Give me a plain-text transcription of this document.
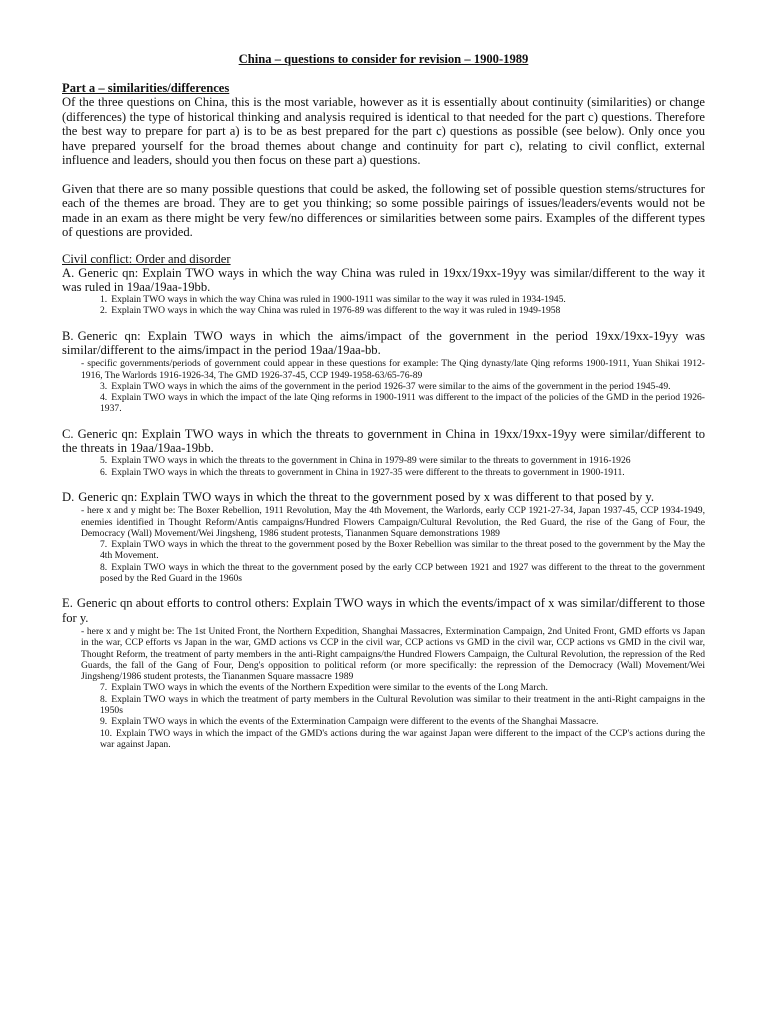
China – questions to consider for revision – 1900-1989
Part a – similarities/differences
Of the three questions on China, this is the most variable, however as it is essentially about continuity (similarities) or change (differences) the type of historical thinking and analysis required is identical to that needed for the part c) questions. Therefore the best way to prepare for part a) is to be as best prepared for the part c) questions as possible (see below). Only once you have prepared yourself for the broad themes about change and continuity for part c), relating to civil conflict, external influence and leaders, should you then focus on these part a) questions.
Given that there are so many possible questions that could be asked, the following set of possible question stems/structures for each of the themes are broad. They are to get you thinking; so some possible pairings of issues/leaders/events would not be made in an exam as there might be very few/no differences or similarities between some pairs. Examples of the different types of questions are provided.
Civil conflict: Order and disorder
A. Generic qn: Explain TWO ways in which the way China was ruled in 19xx/19xx-19yy was similar/different to the way it was ruled in 19aa/19aa-19bb.
1. Explain TWO ways in which the way China was ruled in 1900-1911 was similar to the way it was ruled in 1934-1945.
2. Explain TWO ways in which the way China was ruled in 1976-89 was different to the way it was ruled in 1949-1958
B. Generic qn: Explain TWO ways in which the aims/impact of the government in the period 19xx/19xx-19yy was similar/different to the aims/impact in the period 19aa/19aa-bb.
- specific governments/periods of government could appear in these questions for example: The Qing dynasty/late Qing reforms 1900-1911, Yuan Shikai 1912-1916, The Warlords 1916-1926-34, The GMD 1926-37-45, CCP 1949-1958-63/65-76-89
3. Explain TWO ways in which the aims of the government in the period 1926-37 were similar to the aims of the government in the period 1945-49.
4. Explain TWO ways in which the impact of the late Qing reforms in 1900-1911 was different to the impact of the policies of the GMD in the period 1926-1937.
C. Generic qn: Explain TWO ways in which the threats to government in China in 19xx/19xx-19yy were similar/different to the threats in 19aa/19aa-19bb.
5. Explain TWO ways in which the threats to the government in China in 1979-89 were similar to the threats to government in 1916-1926
6. Explain TWO ways in which the threats to government in China in 1927-35 were different to the threats to government in 1900-1911.
D. Generic qn: Explain TWO ways in which the threat to the government posed by x was different to that posed by y.
- here x and y might be: The Boxer Rebellion, 1911 Revolution, May the 4th Movement, the Warlords, early CCP 1921-27-34, Japan 1937-45, CCP 1934-1949, enemies identified in Thought Reform/Antis campaigns/Hundred Flowers Campaign/Cultural Revolution, the Red Guard, the rise of the Gang of Four, the Democracy (Wall) Movement/Wei Jingsheng, 1986 student protests, Tiananmen Square demonstrations 1989
7. Explain TWO ways in which the threat to the government posed by the Boxer Rebellion was similar to the threat posed to the government by the May the 4th Movement.
8. Explain TWO ways in which the threat to the government posed by the early CCP between 1921 and 1927 was different to the threat to the government posed by the Red Guard in the 1960s
E. Generic qn about efforts to control others: Explain TWO ways in which the events/impact of x was similar/different to those for y.
- here x and y might be: The 1st United Front, the Northern Expedition, Shanghai Massacres, Extermination Campaign, 2nd United Front, GMD efforts vs Japan in the war, CCP efforts vs Japan in the war, GMD actions vs CCP in the civil war, CCP actions vs GMD in the civil war, CCP actions vs GMD in the civil war, Thought Reform, the treatment of party members in the anti-Right campaigns/the Hundred Flowers Campaign, the Cultural Revolution, the repression of the Red Guards, the fall of the Gang of Four, Deng's opposition to political reform (or more specifically: the repression of the Democracy (Wall) Movement/Wei Jingsheng/1986 student protests, the Tiananmen Square massacre 1989
7. Explain TWO ways in which the events of the Northern Expedition were similar to the events of the Long March.
8. Explain TWO ways in which the treatment of party members in the Cultural Revolution was similar to their treatment in the anti-Right campaigns in the 1950s
9. Explain TWO ways in which the events of the Extermination Campaign were different to the events of the Shanghai Massacre.
10. Explain TWO ways in which the impact of the GMD's actions during the war against Japan were different to the impact of the CCP's actions during the war against Japan.
